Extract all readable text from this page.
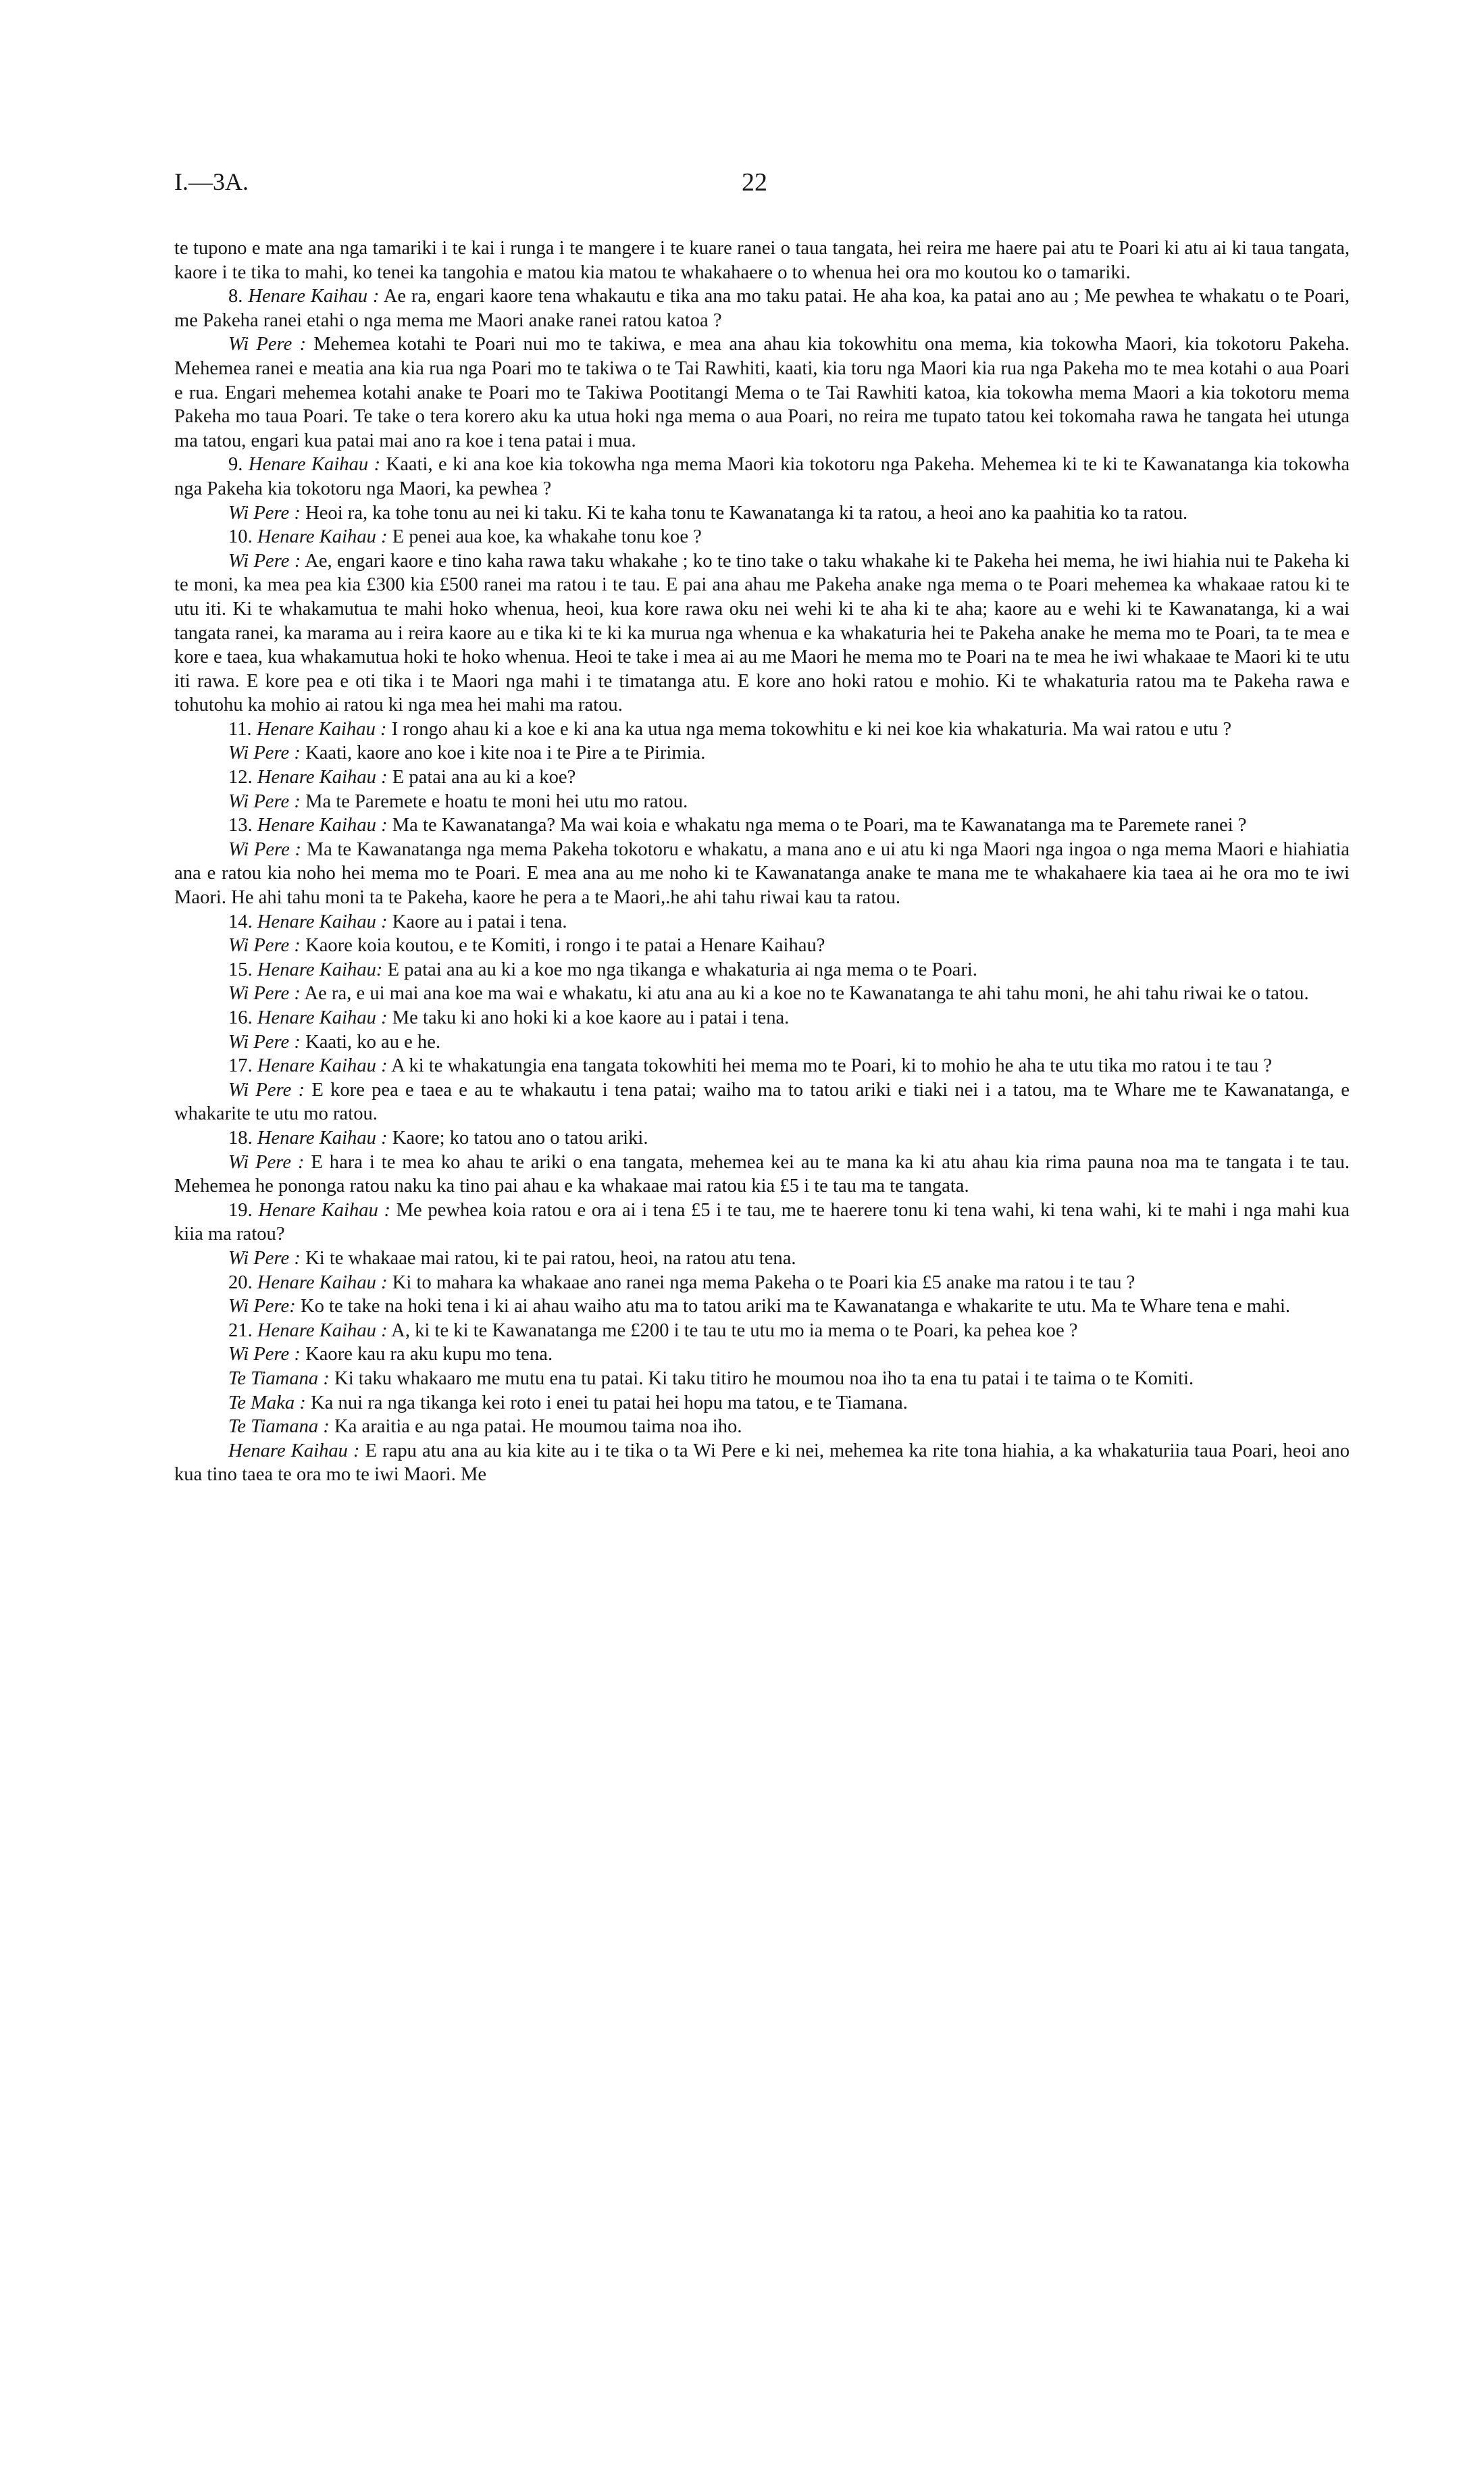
I.—3A.	22

te tupono e mate ana nga tamariki i te kai i runga i te mangere i te kuare ranei o taua tangata, hei reira me haere pai atu te Poari ki atu ai ki taua tangata, kaore i te tika to mahi, ko tenei ka tangohia e matou kia matou te whakahaere o to whenua hei ora mo koutou ko o tamariki.

8. Henare Kaihau : Ae ra, engari kaore tena whakautu e tika ana mo taku patai. He aha koa, ka patai ano au ; Me pewhea te whakatu o te Poari, me Pakeha ranei etahi o nga mema me Maori anake ranei ratou katoa ?

Wi Pere : Mehemea kotahi te Poari nui mo te takiwa, e mea ana ahau kia tokowhitu ona mema, kia tokowha Maori, kia tokotoru Pakeha. Mehemea ranei e meatia ana kia rua nga Poari mo te takiwa o te Tai Rawhiti, kaati, kia toru nga Maori kia rua nga Pakeha mo te mea kotahi o aua Poari e rua. Engari mehemea kotahi anake te Poari mo te Takiwa Pootitangi Mema o te Tai Rawhiti katoa, kia tokowha mema Maori a kia tokotoru mema Pakeha mo taua Poari. Te take o tera korero aku ka utua hoki nga mema o aua Poari, no reira me tupato tatou kei tokomaha rawa he tangata hei utunga ma tatou, engari kua patai mai ano ra koe i tena patai i mua.

9. Henare Kaihau : Kaati, e ki ana koe kia tokowha nga mema Maori kia tokotoru nga Pakeha. Mehemea ki te ki te Kawanatanga kia tokowha nga Pakeha kia tokotoru nga Maori, ka pewhea ?

Wi Pere : Heoi ra, ka tohe tonu au nei ki taku. Ki te kaha tonu te Kawanatanga ki ta ratou, a heoi ano ka paahitia ko ta ratou.

10. Henare Kaihau : E penei aua koe, ka whakahe tonu koe ?

Wi Pere : Ae, engari kaore e tino kaha rawa taku whakahe ; ko te tino take o taku whakahe ki te Pakeha hei mema, he iwi hiahia nui te Pakeha ki te moni, ka mea pea kia £300 kia £500 ranei ma ratou i te tau. E pai ana ahau me Pakeha anake nga mema o te Poari mehemea ka whakaae ratou ki te utu iti. Ki te whakamutua te mahi hoko whenua, heoi, kua kore rawa oku nei wehi ki te aha ki te aha; kaore au e wehi ki te Kawanatanga, ki a wai tangata ranei, ka marama au i reira kaore au e tika ki te ki ka murua nga whenua e ka whakaturia hei te Pakeha anake he mema mo te Poari, ta te mea e kore e taea, kua whakamutua hoki te hoko whenua. Heoi te take i mea ai au me Maori he mema mo te Poari na te mea he iwi whakaae te Maori ki te utu iti rawa. E kore pea e oti tika i te Maori nga mahi i te timatanga atu. E kore ano hoki ratou e mohio. Ki te whakaturia ratou ma te Pakeha rawa e tohutohu ka mohio ai ratou ki nga mea hei mahi ma ratou.

11. Henare Kaihau : I rongo ahau ki a koe e ki ana ka utua nga mema tokowhitu e ki nei koe kia whakaturia. Ma wai ratou e utu ?

Wi Pere : Kaati, kaore ano koe i kite noa i te Pire a te Pirimia.

12. Henare Kaihau : E patai ana au ki a koe?

Wi Pere : Ma te Paremete e hoatu te moni hei utu mo ratou.

13. Henare Kaihau : Ma te Kawanatanga? Ma wai koia e whakatu nga mema o te Poari, ma te Kawanatanga ma te Paremete ranei ?

Wi Pere : Ma te Kawanatanga nga mema Pakeha tokotoru e whakatu, a mana ano e ui atu ki nga Maori nga ingoa o nga mema Maori e hiahiatia ana e ratou kia noho hei mema mo te Poari. E mea ana au me noho ki te Kawanatanga anake te mana me te whakahaere kia taea ai he ora mo te iwi Maori. He ahi tahu moni ta te Pakeha, kaore he pera a te Maori,.he ahi tahu riwai kau ta ratou.

14. Henare Kaihau : Kaore au i patai i tena.

Wi Pere : Kaore koia koutou, e te Komiti, i rongo i te patai a Henare Kaihau?

15. Henare Kaihau: E patai ana au ki a koe mo nga tikanga e whakaturia ai nga mema o te Poari.

Wi Pere : Ae ra, e ui mai ana koe ma wai e whakatu, ki atu ana au ki a koe no te Kawanatanga te ahi tahu moni, he ahi tahu riwai ke o tatou.

16. Henare Kaihau : Me taku ki ano hoki ki a koe kaore au i patai i tena.

Wi Pere : Kaati, ko au e he.

17. Henare Kaihau : A ki te whakatungia ena tangata tokowhiti hei mema mo te Poari, ki to mohio he aha te utu tika mo ratou i te tau ?

Wi Pere : E kore pea e taea e au te whakautu i tena patai; waiho ma to tatou ariki e tiaki nei i a tatou, ma te Whare me te Kawanatanga, e whakarite te utu mo ratou.

18. Henare Kaihau : Kaore; ko tatou ano o tatou ariki.

Wi Pere : E hara i te mea ko ahau te ariki o ena tangata, mehemea kei au te mana ka ki atu ahau kia rima pauna noa ma te tangata i te tau. Mehemea he pononga ratou naku ka tino pai ahau e ka whakaae mai ratou kia £5 i te tau ma te tangata.

19. Henare Kaihau : Me pewhea koia ratou e ora ai i tena £5 i te tau, me te haerere tonu ki tena wahi, ki tena wahi, ki te mahi i nga mahi kua kiia ma ratou?

Wi Pere : Ki te whakaae mai ratou, ki te pai ratou, heoi, na ratou atu tena.

20. Henare Kaihau : Ki to mahara ka whakaae ano ranei nga mema Pakeha o te Poari kia £5 anake ma ratou i te tau ?

Wi Pere: Ko te take na hoki tena i ki ai ahau waiho atu ma to tatou ariki ma te Kawanatanga e whakarite te utu. Ma te Whare tena e mahi.

21. Henare Kaihau : A, ki te ki te Kawanatanga me £200 i te tau te utu mo ia mema o te Poari, ka pehea koe ?

Wi Pere : Kaore kau ra aku kupu mo tena.

Te Tiamana : Ki taku whakaaro me mutu ena tu patai. Ki taku titiro he moumou noa iho ta ena tu patai i te taima o te Komiti.

Te Maka : Ka nui ra nga tikanga kei roto i enei tu patai hei hopu ma tatou, e te Tiamana.

Te Tiamana : Ka araitia e au nga patai. He moumou taima noa iho.

Henare Kaihau : E rapu atu ana au kia kite au i te tika o ta Wi Pere e ki nei, mehemea ka rite tona hiahia, a ka whakaturiia taua Poari, heoi ano kua tino taea te ora mo te iwi Maori. Me
